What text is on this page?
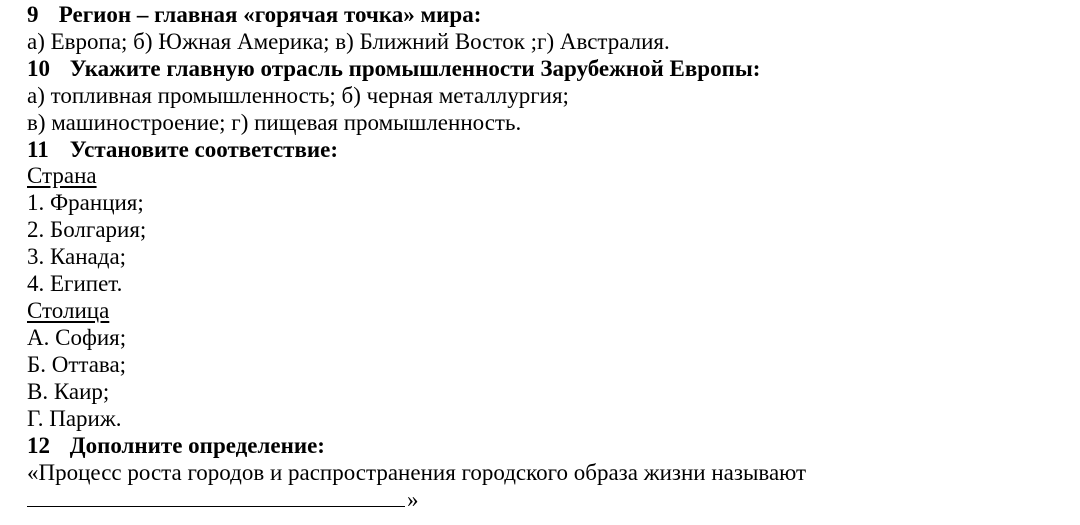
9 Регион – главная «горячая точка» мира:
а) Европа; б) Южная Америка; в) Ближний Восток ;г) Австралия.
10 Укажите главную отрасль промышленности Зарубежной Европы:
а) топливная промышленность; б) черная металлургия;
в) машиностроение; г) пищевая промышленность.
11 Установите соответствие:
Страна
1. Франция;
2. Болгария;
3. Канада;
4. Египет.
Столица
А. София;
Б. Оттава;
В. Каир;
Г. Париж.
12 Дополните определение:
«Процесс роста городов и распространения городского образа жизни называют
»
